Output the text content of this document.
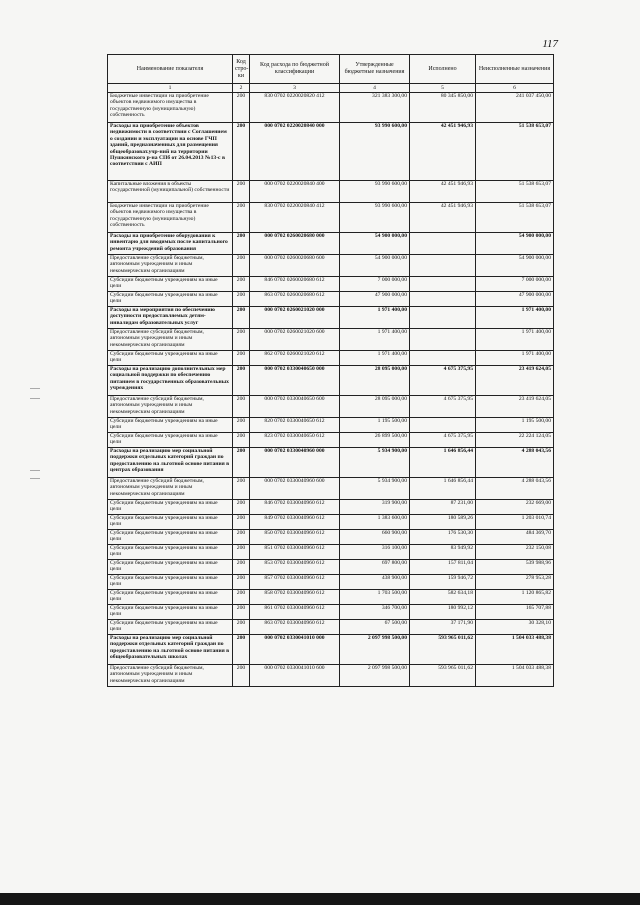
117
Наименование показателя	Код стро-ки	Код расхода по бюджетной классификации	Утвержденные бюджетные назначения	Исполнено	Неисполненные назначения
1	2	3	4	5	6
Бюджетные инвестиции на приобретение объектов недвижимого имущества в государственную (муниципальную) собственность	200	830 0702 0220020820 412	321 383 300,00	80 345 850,00	241 037 450,00
Расходы на приобретение объектов недвижимости в соответствии с Соглашением о создании и эксплуатации на основе ГЧП зданий, предназначенных для размещения общеобразоват.учр-ний на территории Пушкинского р-на СПб от 26.04.2013 №13-с в соответствии с АИП	200	000 0702 0220020840 000	93 990 600,00	42 451 946,93	51 538 653,07
Капитальные вложения в объекты государственной (муниципальной) собственности	200	000 0702 0220020840 400	93 990 600,00	42 451 946,93	51 538 653,07
Бюджетные инвестиции на приобретение объектов недвижимого имущества в государственную (муниципальную) собственность	200	830 0702 0220020840 412	93 990 600,00	42 451 946,93	51 538 653,07
Расходы на приобретение оборудования к инвентарю для вводимых после капитального ремонта учреждений образования	200	000 0702 0260020680 000	54 900 000,00		54 900 000,00
Предоставление субсидий бюджетным, автономным учреждениям и иным некоммерческим организациям	200	000 0702 0260020680 600	54 900 000,00		54 900 000,00
Субсидии бюджетным учреждениям на иные цели	200	846 0702 0260020680 612	7 000 000,00		7 000 000,00
Субсидии бюджетным учреждениям на иные цели	200	863 0702 0260020680 612	47 900 000,00		47 900 000,00
Расходы на мероприятия по обеспечению доступности предоставляемых детям-инвалидам образовательных услуг	200	000 0702 0260021020 000	1 971 400,00		1 971 400,00
Предоставление субсидий бюджетным, автономным учреждениям и иным некоммерческим организациям	200	000 0702 0260021020 600	1 971 400,00		1 971 400,00
Субсидии бюджетным учреждениям на иные цели	200	862 0702 0260021020 612	1 971 400,00		1 971 400,00
Расходы на реализацию дополнительных мер социальной поддержки по обеспечению питанием в государственных образовательных учреждениях	200	000 0702 0330040650 000	28 095 000,00	4 675 375,95	23 419 624,05
Предоставление субсидий бюджетным, автономным учреждениям и иным некоммерческим организациям	200	000 0702 0330040650 600	28 095 000,00	4 675 375,95	23 419 624,05
Субсидии бюджетным учреждениям на иные цели	200	820 0702 0330040650 612	1 195 500,00		1 195 500,00
Субсидии бюджетным учреждениям на иные цели	200	823 0702 0330040650 612	26 899 500,00	4 675 375,95	22 224 124,05
Расходы на реализацию мер социальной поддержки отдельных категорий граждан по предоставлению на льготной основе питания в центрах образования	200	000 0702 0330040960 000	5 934 900,00	1 646 856,44	4 288 043,56
Предоставление субсидий бюджетным, автономным учреждениям и иным некоммерческим организациям	200	000 0702 0330040960 600	5 934 900,00	1 646 856,44	4 288 043,56
Субсидии бюджетным учреждениям на иные цели	200	846 0702 0330040960 612	319 900,00	87 231,00	232 669,00
Субсидии бюджетным учреждениям на иные цели	200	849 0702 0330040960 612	1 383 600,00	180 589,26	1 203 010,74
Субсидии бюджетным учреждениям на иные цели	200	850 0702 0330040960 612	660 900,00	176 530,30	484 369,70
Субсидии бюджетным учреждениям на иные цели	200	851 0702 0330040960 612	316 100,00	83 949,92	232 150,08
Субсидии бюджетным учреждениям на иные цели	200	853 0702 0330040960 612	697 800,00	157 811,04	539 988,96
Субсидии бюджетным учреждениям на иные цели	200	857 0702 0330040960 612	438 900,00	159 946,72	278 953,28
Субсидии бюджетным учреждениям на иные цели	200	858 0702 0330040960 612	1 703 500,00	582 634,18	1 120 865,82
Субсидии бюджетным учреждениям на иные цели	200	861 0702 0330040960 612	346 700,00	180 992,12	165 707,88
Субсидии бюджетным учреждениям на иные цели	200	863 0702 0330040960 612	67 500,00	37 171,90	30 328,10
Расходы на реализацию мер социальной поддержки отдельных категорий граждан по предоставлению на льготной основе питания в общеобразовательных школах	200	000 0702 0330041010 000	2 097 998 500,00	593 965 011,62	1 504 033 488,38
Предоставление субсидий бюджетным, автономным учреждениям и иным некоммерческим организациям	200	000 0702 0330041010 600	2 097 998 500,00	593 965 011,62	1 504 033 488,38
